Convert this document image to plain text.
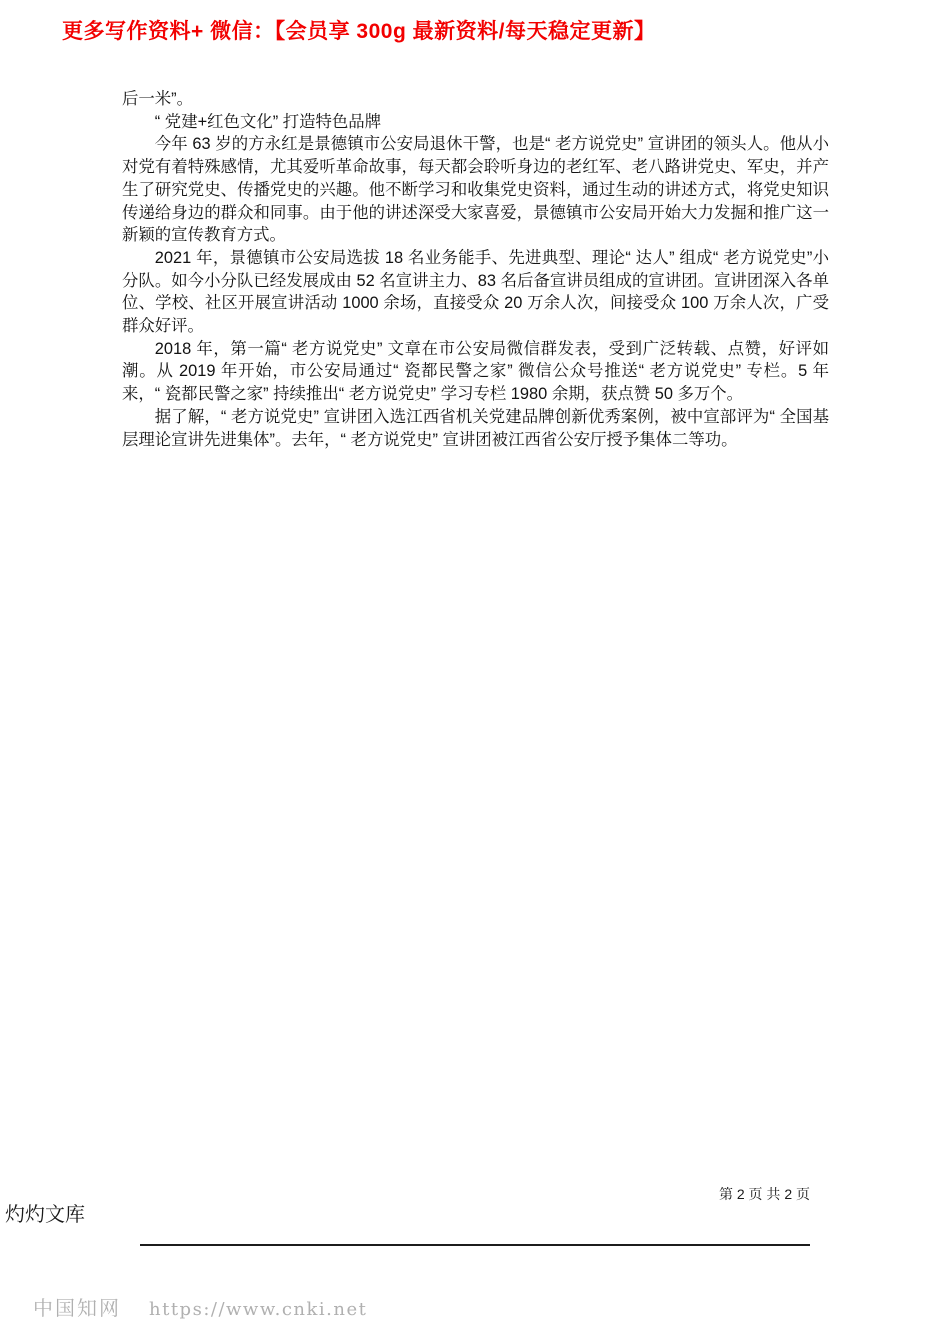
更多写作资料+ 微信：【会员享 300g 最新资料/每天稳定更新】

后一米”。

“ 党建+红色文化” 打造特色品牌

今年 63 岁的方永红是景德镇市公安局退休干警，也是“ 老方说党史” 宣讲团的领头人。他从小对党有着特殊感情，尤其爱听革命故事，每天都会聆听身边的老红军、老八路讲党史、军史，并产生了研究党史、传播党史的兴趣。他不断学习和收集党史资料，通过生动的讲述方式，将党史知识传递给身边的群众和同事。由于他的讲述深受大家喜爱，景德镇市公安局开始大力发掘和推广这一新颖的宣传教育方式。

2021 年，景德镇市公安局选拔 18 名业务能手、先进典型、理论“ 达人” 组成“ 老方说党史”小分队。如今小分队已经发展成由 52 名宣讲主力、83 名后备宣讲员组成的宣讲团。宣讲团深入各单位、学校、社区开展宣讲活动 1000 余场，直接受众 20 万余人次，间接受众 100 万余人次，广受群众好评。

2018 年，第一篇“ 老方说党史” 文章在市公安局微信群发表，受到广泛转载、点赞，好评如潮。从 2019 年开始，市公安局通过“ 瓷都民警之家” 微信公众号推送“ 老方说党史” 专栏。5 年来，“ 瓷都民警之家” 持续推出“ 老方说党史” 学习专栏 1980 余期，获点赞 50 多万个。

据了解，“ 老方说党史” 宣讲团入选江西省机关党建品牌创新优秀案例，被中宣部评为“ 全国基层理论宣讲先进集体”。去年，“ 老方说党史” 宣讲团被江西省公安厅授予集体二等功。

第 2 页 共 2 页
灼灼文库
中国知网 https://www.cnki.net
